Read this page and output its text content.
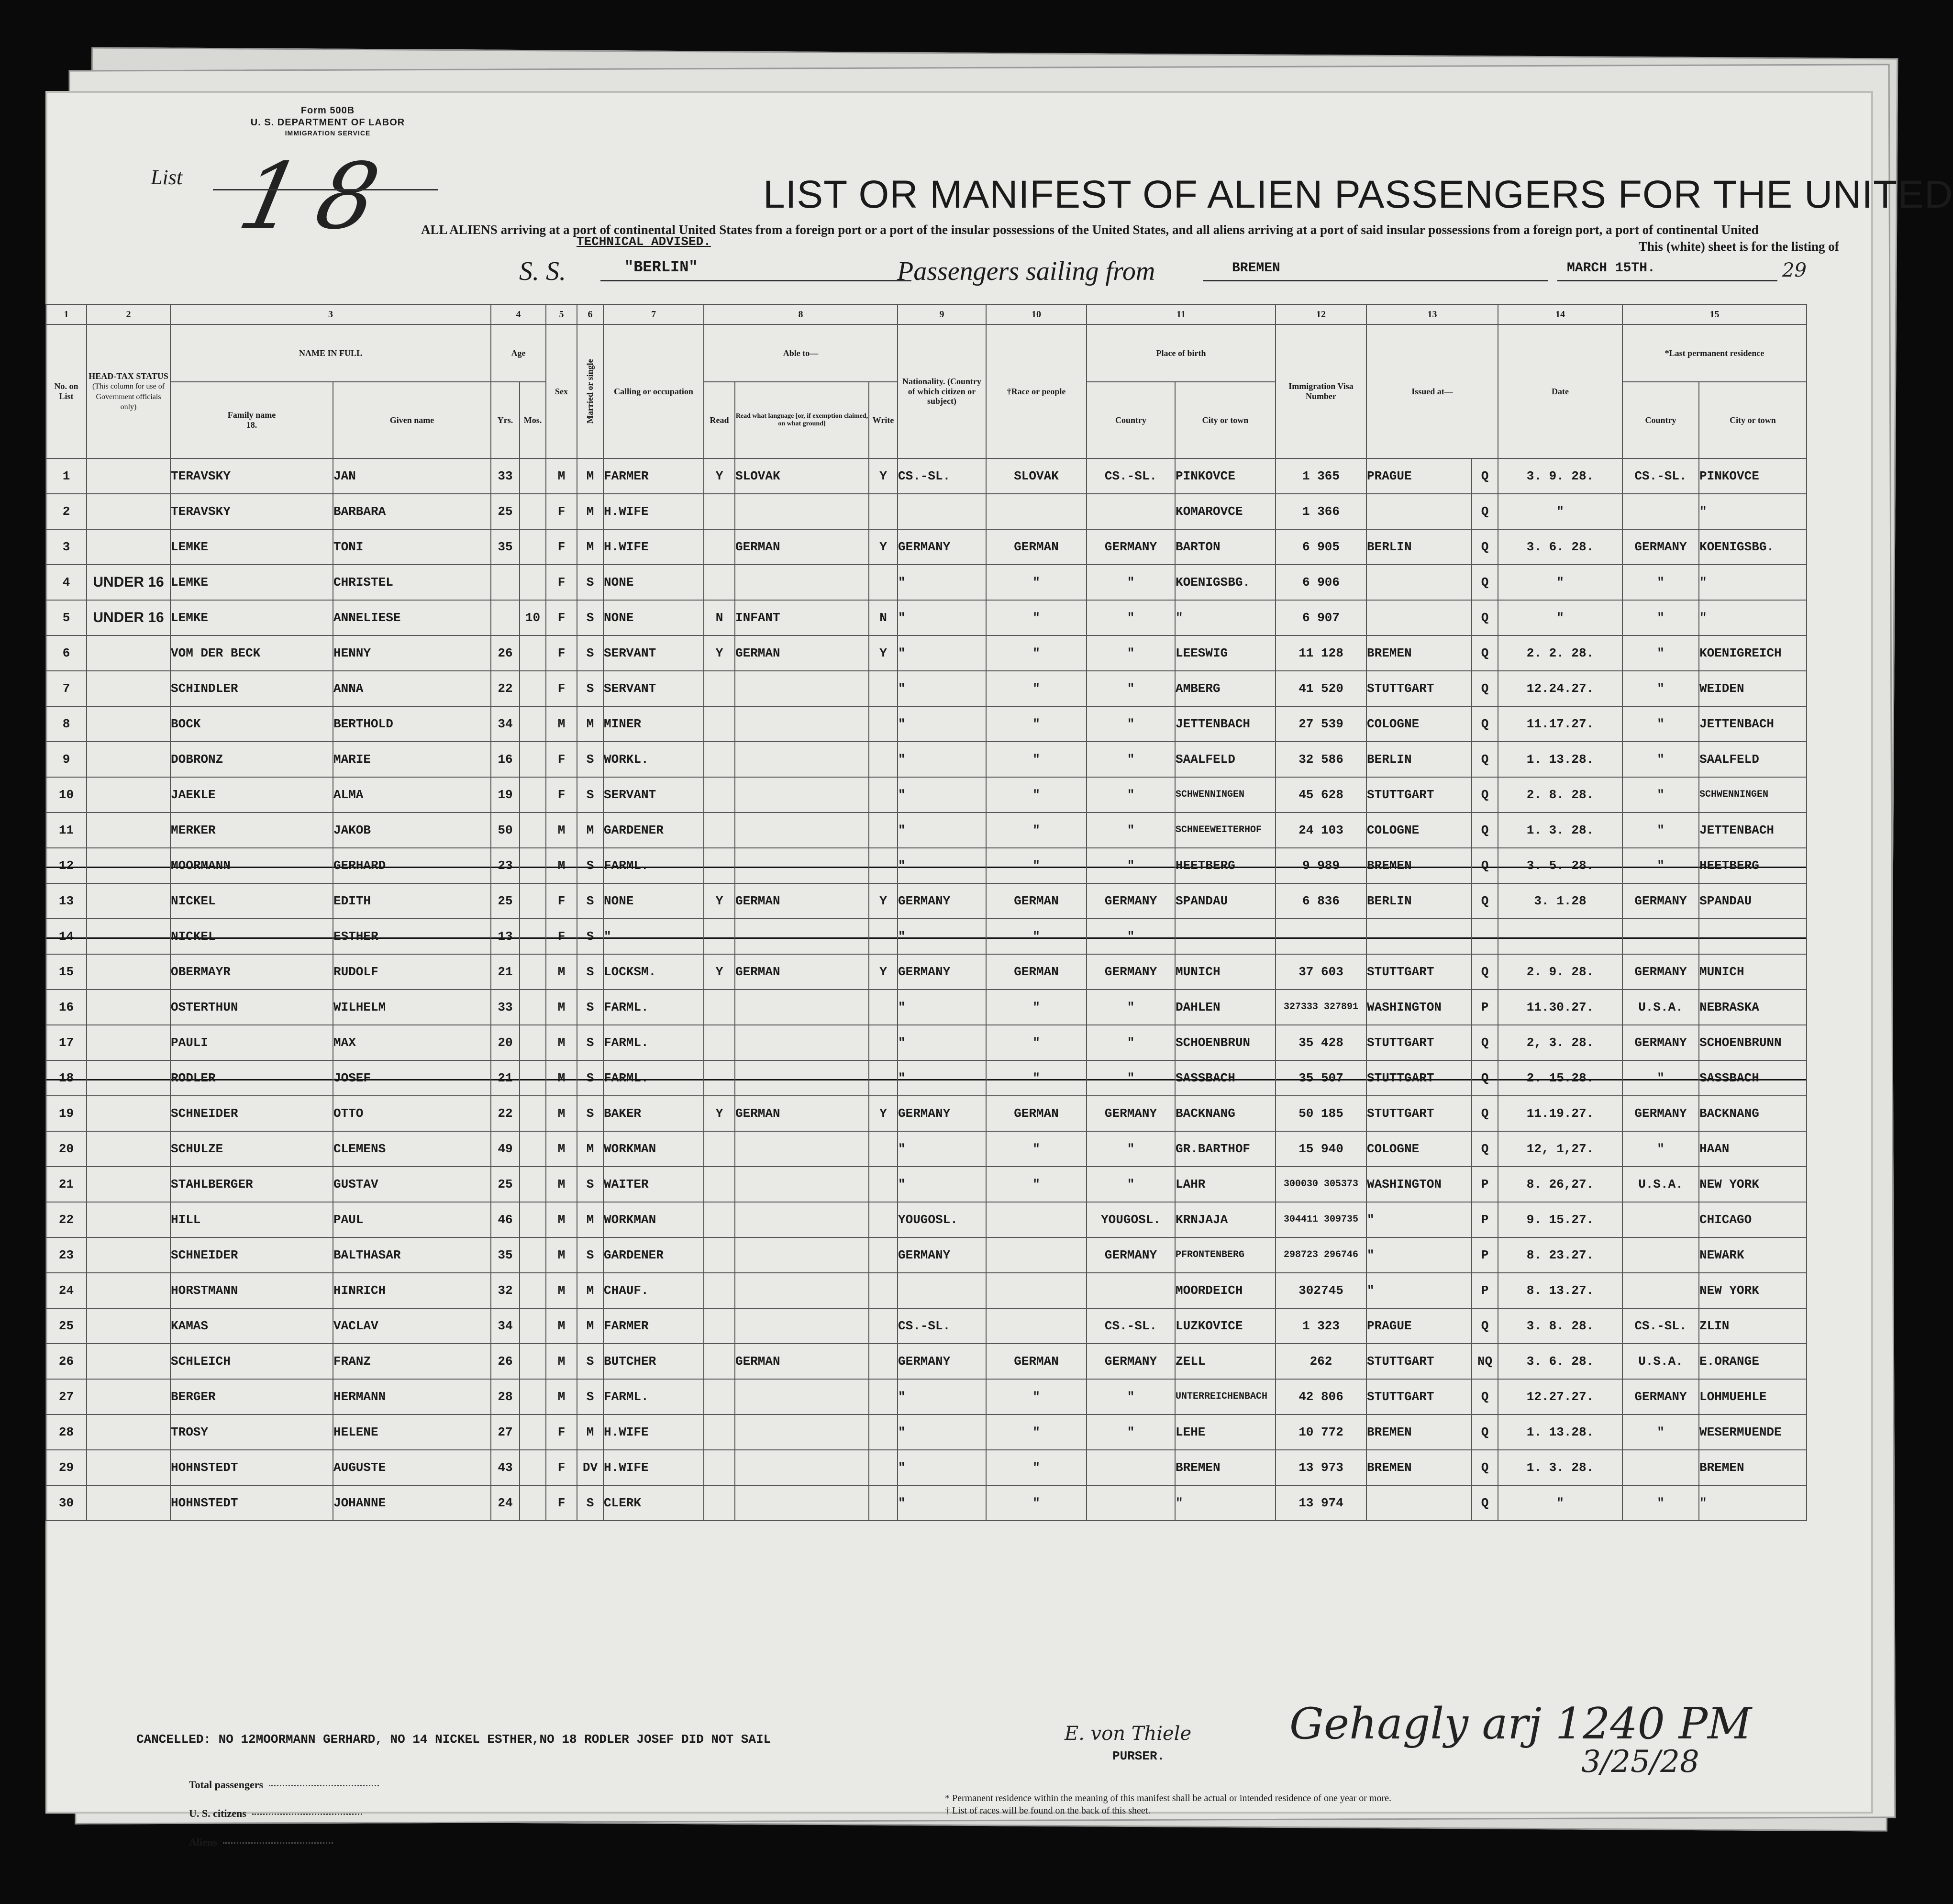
Form 500B
U. S. DEPARTMENT OF LABOR
IMMIGRATION SERVICE
List 18	LIST OR MANIFEST OF ALIEN PASSENGERS FOR THE UNITED
ALL ALIENS arriving at a port of continental United States from a foreign port or a port of the insular possessions of the United States, and all aliens arriving at a port of said insular possessions from a foreign port, a port of continental United
This (white) sheet is for the listing of
TECHNICAL ADVISED.
S. S.	"BERLIN"	Passengers sailing from	BREMEN	MARCH 15TH.	29
1	2	3		4		5	6	7	8			9	10	11		12	13		14	15	
No. on List	HEAD-TAX STATUS
(This column for use of Government officials only)	NAME IN FULL		Age		Sex	Married or single	Calling or occupation	Able to—			Nationality. (Country of which citizen or subject)	†Race or people	Place of birth		Immigration Visa Number	Issued at—		Date	*Last permanent residence	
		Family name
18.	Given name	Yrs.	Mos.				Read	Read what language [or, if exemption claimed, on what ground]	Write			Country	City or town					Country	City or town
1		TERAVSKY	JAN	33		M	M	FARMER	Y	SLOVAK	Y	CS.-SL.	SLOVAK	CS.-SL.	PINKOVCE	1 365	PRAGUE	Q	3. 9. 28.	CS.-SL.	PINKOVCE
2		TERAVSKY	BARBARA	25		F	M	H.WIFE							KOMAROVCE	1 366		Q	"		"
3		LEMKE	TONI	35		F	M	H.WIFE		GERMAN	Y	GERMANY	GERMAN	GERMANY	BARTON	6 905	BERLIN	Q	3. 6. 28.	GERMANY	KOENIGSBG.
4	UNDER 16	LEMKE	CHRISTEL			F	S	NONE				"	"	"	KOENIGSBG.	6 906		Q	"	"	"
5	UNDER 16	LEMKE	ANNELIESE		10	F	S	NONE	N	INFANT	N	"	"	"	"	6 907		Q	"	"	"
6		VOM DER BECK	HENNY	26		F	S	SERVANT	Y	GERMAN	Y	"	"	"	LEESWIG	11 128	BREMEN	Q	2. 2. 28.	"	KOENIGREICH
7		SCHINDLER	ANNA	22		F	S	SERVANT				"	"	"	AMBERG	41 520	STUTTGART	Q	12.24.27.	"	WEIDEN
8		BOCK	BERTHOLD	34		M	M	MINER				"	"	"	JETTENBACH	27 539	COLOGNE	Q	11.17.27.	"	JETTENBACH
9		DOBRONZ	MARIE	16		F	S	WORKL.				"	"	"	SAALFELD	32 586	BERLIN	Q	1. 13.28.	"	SAALFELD
10		JAEKLE	ALMA	19		F	S	SERVANT				"	"	"	SCHWENNINGEN	45 628	STUTTGART	Q	2. 8. 28.	"	SCHWENNINGEN
11		MERKER	JAKOB	50		M	M	GARDENER				"	"	"	SCHNEEWEITERHOF	24 103	COLOGNE	Q	1. 3. 28.	"	JETTENBACH
12		MOORMANN	GERHARD	23		M	S	FARML.				"	"	"	HEETBERG	9 989	BREMEN	Q	3. 5. 28.	"	HEETBERG
13		NICKEL	EDITH	25		F	S	NONE	Y	GERMAN	Y	GERMANY	GERMAN	GERMANY	SPANDAU	6 836	BERLIN	Q	3. 1.28	GERMANY	SPANDAU
14		NICKEL	ESTHER	13		F	S	"				"	"	"							
15		OBERMAYR	RUDOLF	21		M	S	LOCKSM.	Y	GERMAN	Y	GERMANY	GERMAN	GERMANY	MUNICH	37 603	STUTTGART	Q	2. 9. 28.	GERMANY	MUNICH
16		OSTERTHUN	WILHELM	33		M	S	FARML.				"	"	"	DAHLEN	327333 327891	WASHINGTON	P	11.30.27.	U.S.A.	NEBRASKA
17		PAULI	MAX	20		M	S	FARML.				"	"	"	SCHOENBRUN	35 428	STUTTGART	Q	2, 3. 28.	GERMANY	SCHOENBRUNN
18		RODLER	JOSEF	21		M	S	FARML.				"	"	"	SASSBACH	35 507	STUTTGART	Q	2. 15.28.	"	SASSBACH
19		SCHNEIDER	OTTO	22		M	S	BAKER	Y	GERMAN	Y	GERMANY	GERMAN	GERMANY	BACKNANG	50 185	STUTTGART	Q	11.19.27.	GERMANY	BACKNANG
20		SCHULZE	CLEMENS	49		M	M	WORKMAN				"	"	"	GR.BARTHOF	15 940	COLOGNE	Q	12, 1,27.	"	HAAN
21		STAHLBERGER	GUSTAV	25		M	S	WAITER				"	"	"	LAHR	300030 305373	WASHINGTON	P	8. 26,27.	U.S.A.	NEW YORK
22		HILL	PAUL	46		M	M	WORKMAN				YOUGOSL.		YOUGOSL.	KRNJAJA	304411 309735	"	P	9. 15.27.		CHICAGO
23		SCHNEIDER	BALTHASAR	35		M	S	GARDENER				GERMANY		GERMANY	PFRONTENBERG	298723 296746	"	P	8. 23.27.		NEWARK
24		HORSTMANN	HINRICH	32		M	M	CHAUF.							MOORDEICH	302745	"	P	8. 13.27.		NEW YORK
25		KAMAS	VACLAV	34		M	M	FARMER				CS.-SL.		CS.-SL.	LUZKOVICE	1 323	PRAGUE	Q	3. 8. 28.	CS.-SL.	ZLIN
26		SCHLEICH	FRANZ	26		M	S	BUTCHER		GERMAN		GERMANY	GERMAN	GERMANY	ZELL	262	STUTTGART	NQ	3. 6. 28.	U.S.A.	E.ORANGE
27		BERGER	HERMANN	28		M	S	FARML.				"	"	"	UNTERREICHENBACH	42 806	STUTTGART	Q	12.27.27.	GERMANY	LOHMUEHLE
28		TROSY	HELENE	27		F	M	H.WIFE				"	"	"	LEHE	10 772	BREMEN	Q	1. 13.28.	"	WESERMUENDE
29		HOHNSTEDT	AUGUSTE	43		F	DV	H.WIFE				"	"		BREMEN	13 973	BREMEN	Q	1. 3. 28.		BREMEN
30		HOHNSTEDT	JOHANNE	24		F	S	CLERK				"	"		"	13 974		Q	"	"	"
CANCELLED: NO 12MOORMANN GERHARD, NO 14 NICKEL ESTHER,NO 18 RODLER JOSEF DID NOT SAIL	E. von Thiele
PURSER.
Gehagly arj 1240 PM
3/25/28
Total passengers
U. S. citizens
Aliens
* Permanent residence within the meaning of this manifest shall be actual or intended residence of one year or more.
† List of races will be found on the back of this sheet.
